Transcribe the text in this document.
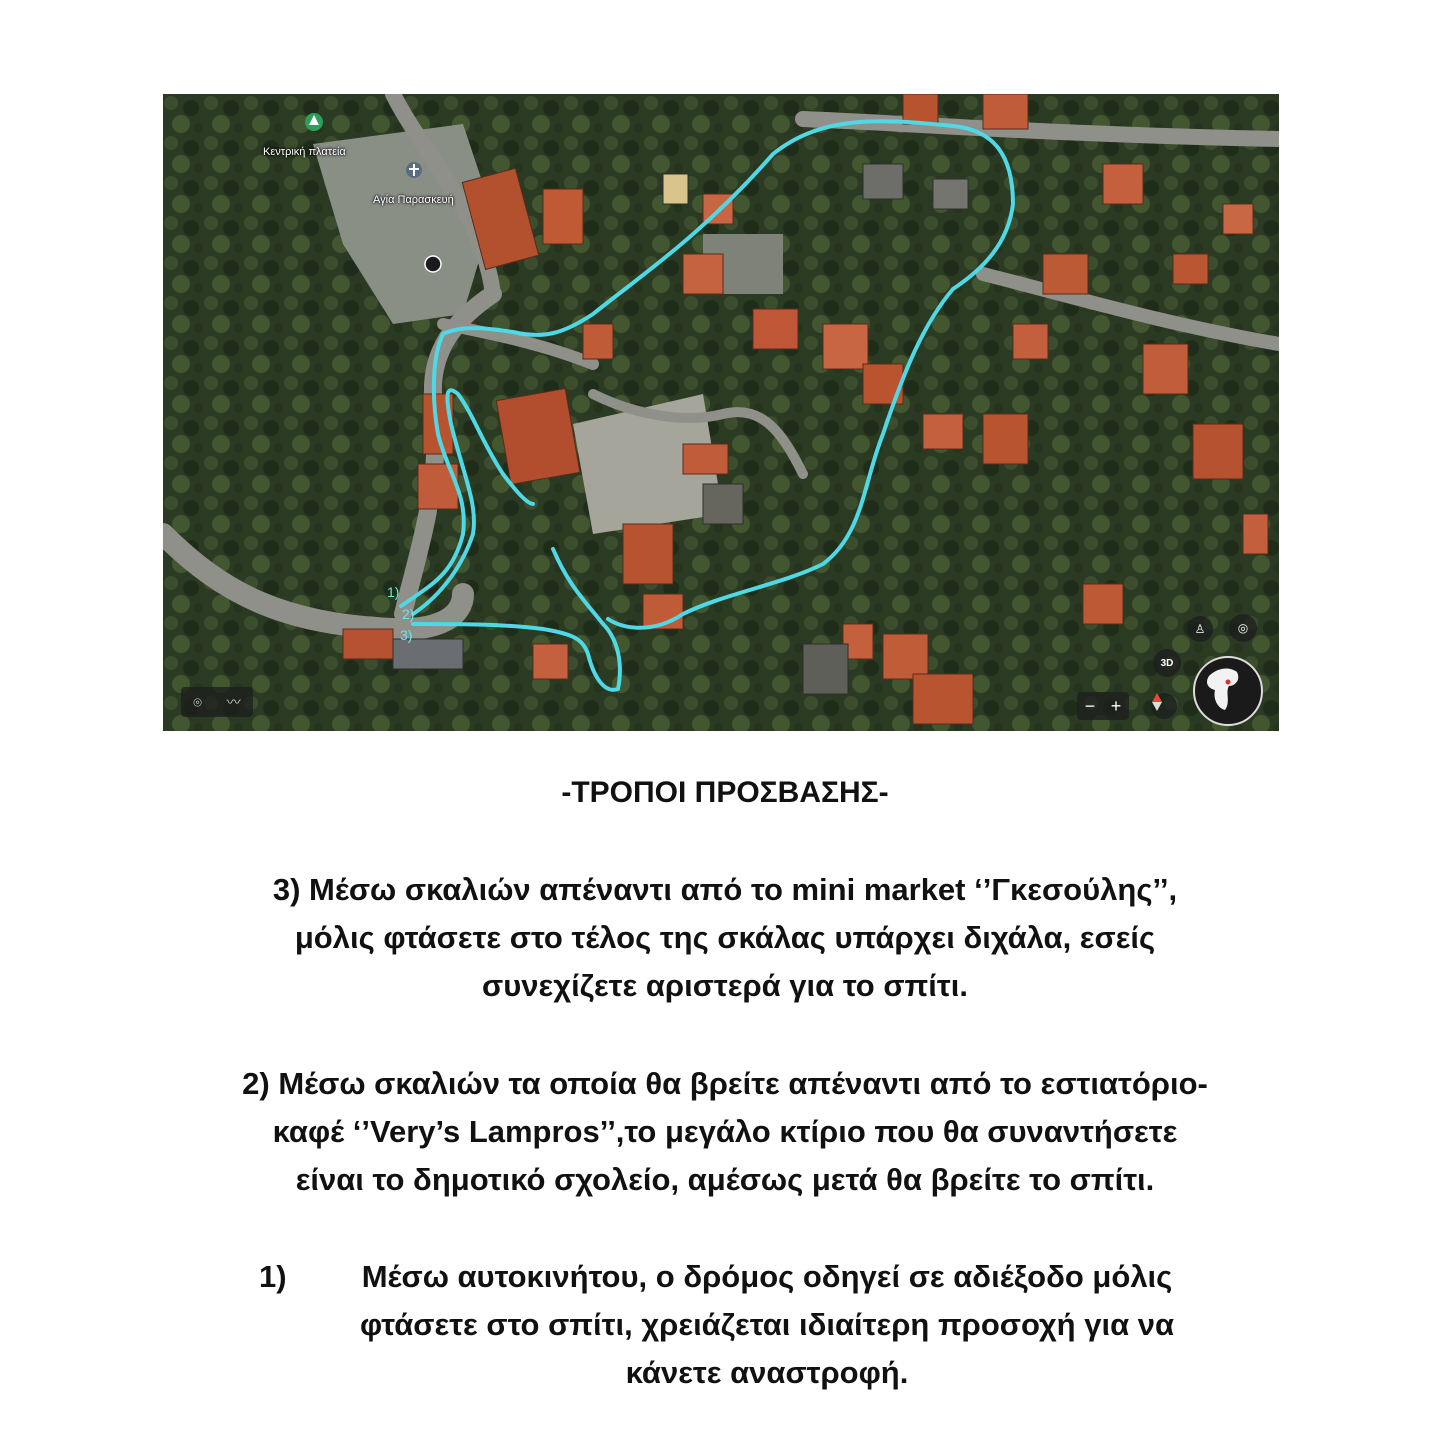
Κεντρική πλατεία
Αγία Παρασκευή
1)
2)
3)
⌾ 〰
♙	◎
3D
− +
-ΤΡΟΠΟΙ ΠΡΟΣΒΑΣΗΣ-
3) Μέσω σκαλιών απέναντι από το mini market ‘’Γκεσούλης’’,
μόλις φτάσετε στο τέλος της σκάλας υπάρχει διχάλα, εσείς
συνεχίζετε αριστερά για το σπίτι.
2) Μέσω σκαλιών τα οποία θα βρείτε απέναντι από το εστιατόριο-
καφέ ‘’Very’s Lampros’’,το μεγάλο κτίριο που θα συναντήσετε
είναι το δημοτικό σχολείο, αμέσως μετά θα βρείτε το σπίτι.
1)	Μέσω αυτοκινήτου, ο δρόμος οδηγεί σε αδιέξοδο μόλις
φτάσετε στο σπίτι, χρειάζεται ιδιαίτερη προσοχή για να
κάνετε αναστροφή.
